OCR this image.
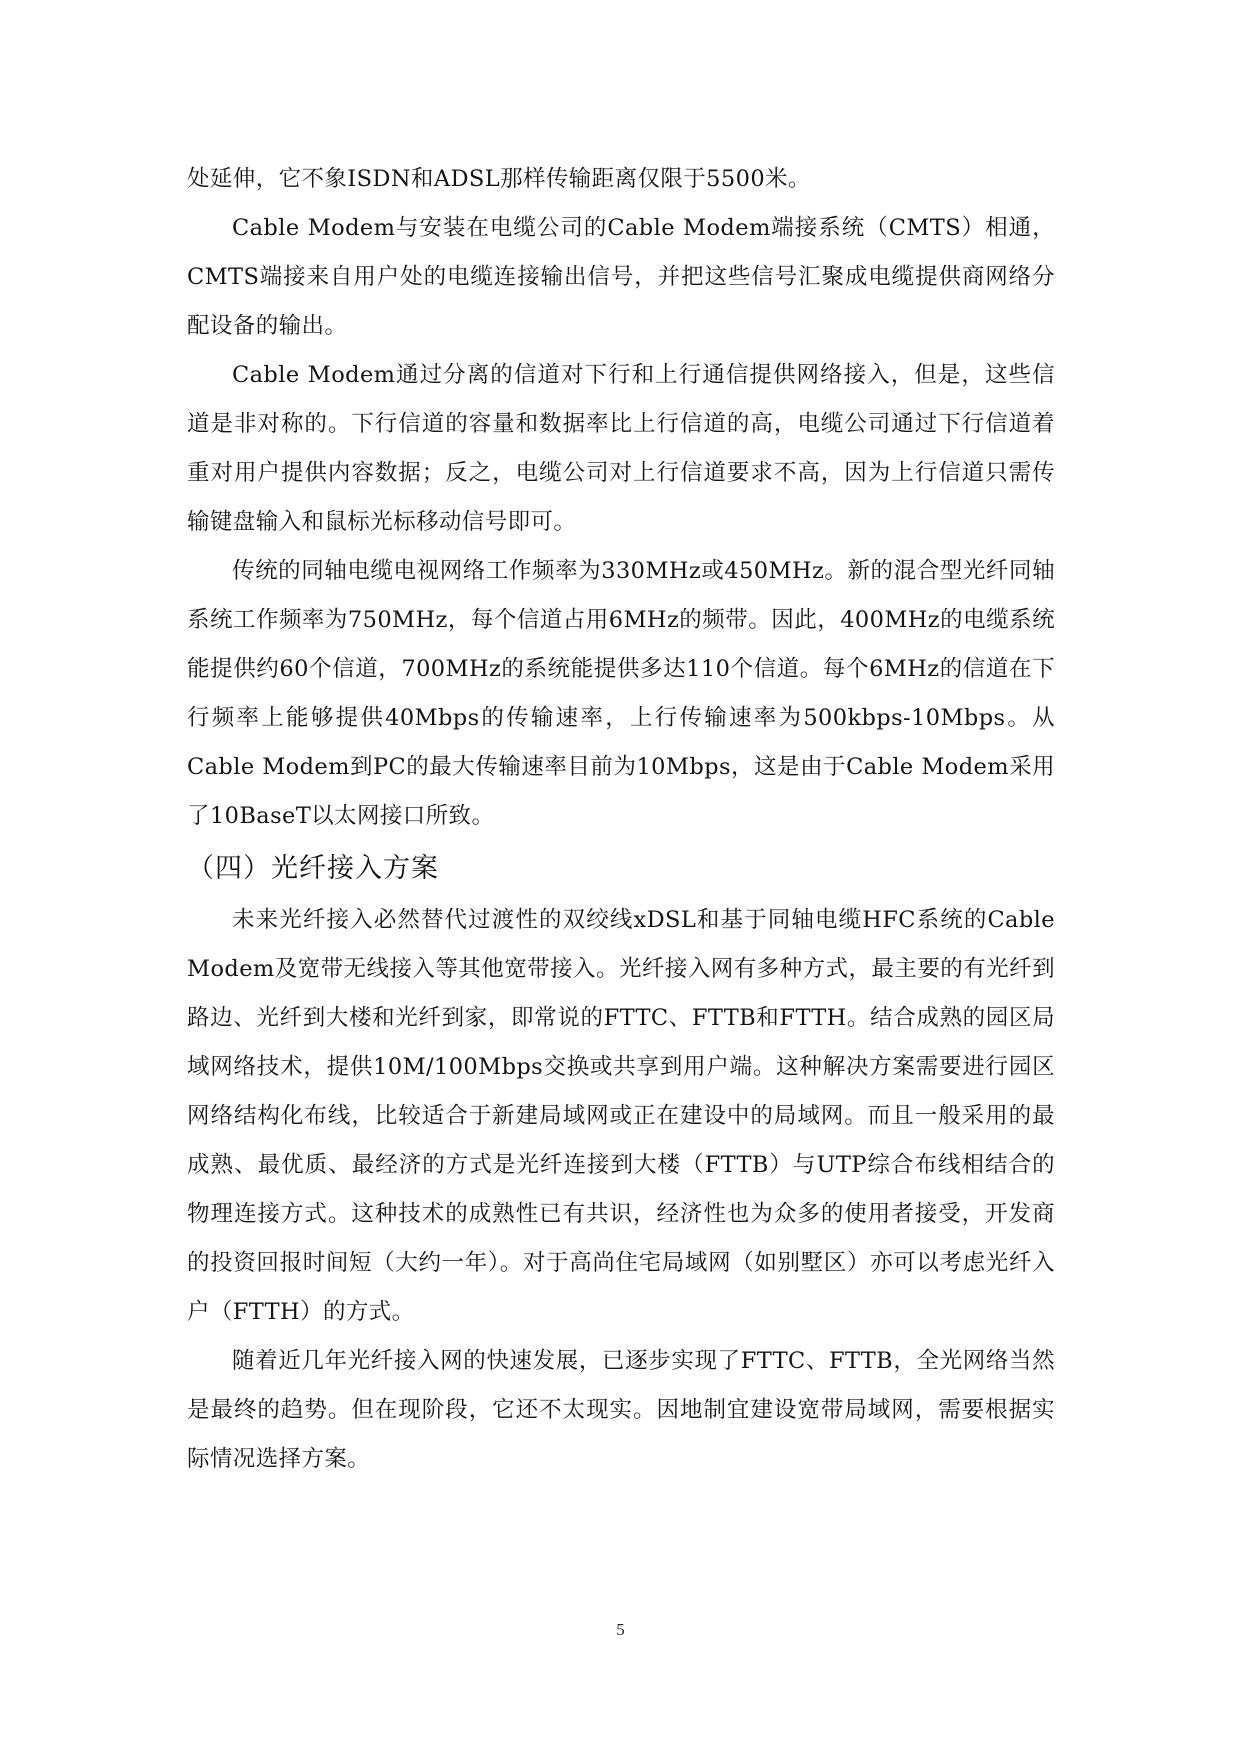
处延伸，它不象ISDN和ADSL那样传输距离仅限于5500米。

Cable Modem与安装在电缆公司的Cable Modem端接系统（CMTS）相通，CMTS端接来自用户处的电缆连接输出信号，并把这些信号汇聚成电缆提供商网络分配设备的输出。

Cable Modem通过分离的信道对下行和上行通信提供网络接入，但是，这些信道是非对称的。下行信道的容量和数据率比上行信道的高，电缆公司通过下行信道着重对用户提供内容数据；反之，电缆公司对上行信道要求不高，因为上行信道只需传输键盘输入和鼠标光标移动信号即可。

传统的同轴电缆电视网络工作频率为330MHz或450MHz。新的混合型光纤同轴系统工作频率为750MHz，每个信道占用6MHz的频带。因此，400MHz的电缆系统能提供约60个信道，700MHz的系统能提供多达110个信道。每个6MHz的信道在下行频率上能够提供40Mbps的传输速率，上行传输速率为500kbps-10Mbps。从Cable Modem到PC的最大传输速率目前为10Mbps，这是由于Cable Modem采用了10BaseT以太网接口所致。

（四）光纤接入方案

未来光纤接入必然替代过渡性的双绞线xDSL和基于同轴电缆HFC系统的Cable Modem及宽带无线接入等其他宽带接入。光纤接入网有多种方式，最主要的有光纤到路边、光纤到大楼和光纤到家，即常说的FTTC、FTTB和FTTH。结合成熟的园区局域网络技术，提供10M/100Mbps交换或共享到用户端。这种解决方案需要进行园区网络结构化布线，比较适合于新建局域网或正在建设中的局域网。而且一般采用的最成熟、最优质、最经济的方式是光纤连接到大楼（FTTB）与UTP综合布线相结合的物理连接方式。这种技术的成熟性已有共识，经济性也为众多的使用者接受，开发商的投资回报时间短（大约一年）。对于高尚住宅局域网（如别墅区）亦可以考虑光纤入户（FTTH）的方式。

随着近几年光纤接入网的快速发展，已逐步实现了FTTC、FTTB，全光网络当然是最终的趋势。但在现阶段，它还不太现实。因地制宜建设宽带局域网，需要根据实际情况选择方案。

5
